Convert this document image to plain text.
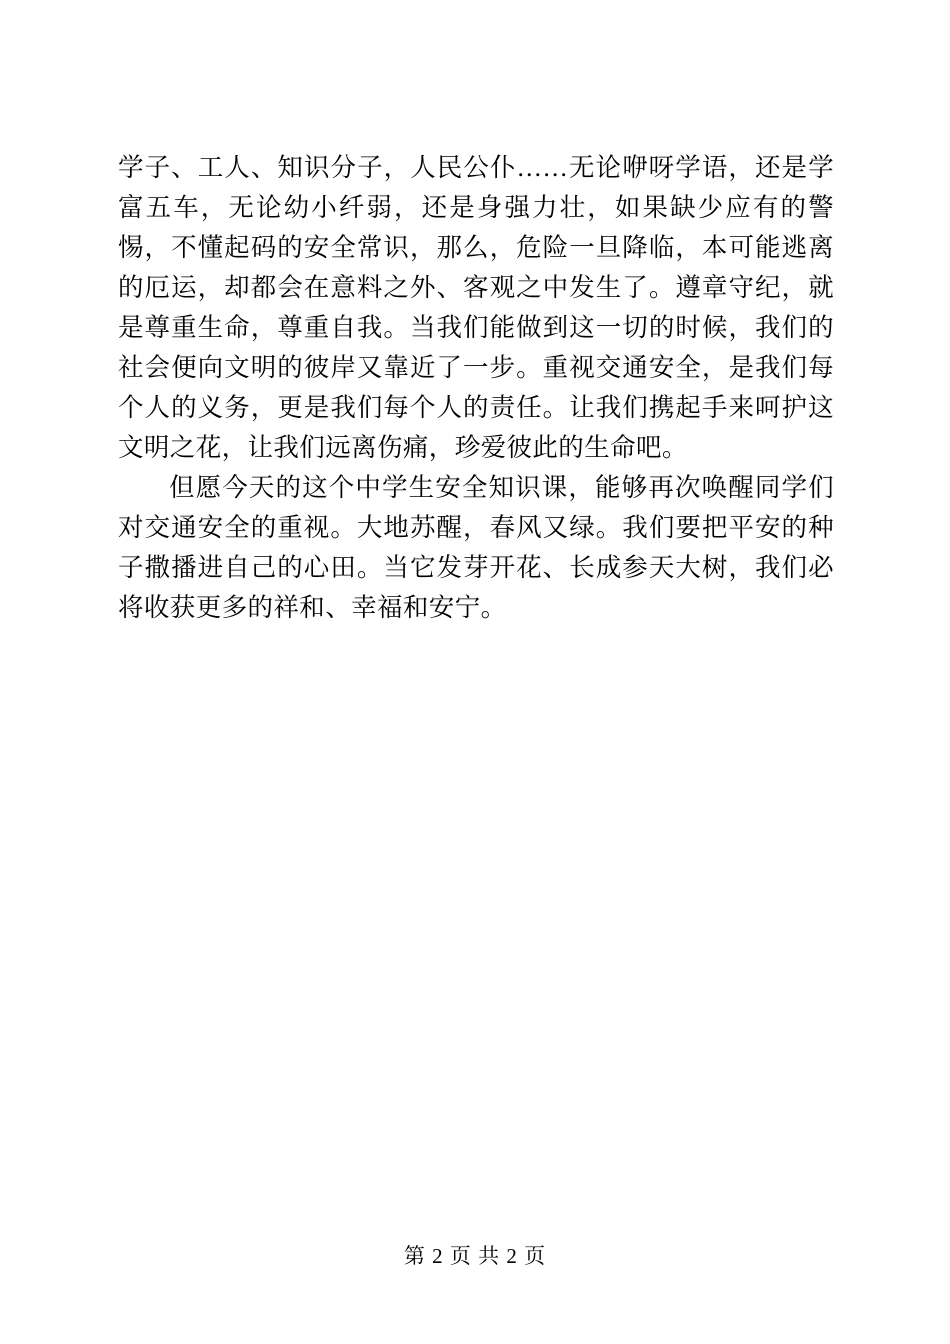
学子、工人、知识分子，人民公仆……无论咿呀学语，还是学富五车，无论幼小纤弱，还是身强力壮，如果缺少应有的警惕，不懂起码的安全常识，那么，危险一旦降临，本可能逃离的厄运，却都会在意料之外、客观之中发生了。遵章守纪，就是尊重生命，尊重自我。当我们能做到这一切的时候，我们的社会便向文明的彼岸又靠近了一步。重视交通安全，是我们每个人的义务，更是我们每个人的责任。让我们携起手来呵护这文明之花，让我们远离伤痛，珍爱彼此的生命吧。

但愿今天的这个中学生安全知识课，能够再次唤醒同学们对交通安全的重视。大地苏醒，春风又绿。我们要把平安的种子撒播进自己的心田。当它发芽开花、长成参天大树，我们必将收获更多的祥和、幸福和安宁。

第 2 页 共 2 页
